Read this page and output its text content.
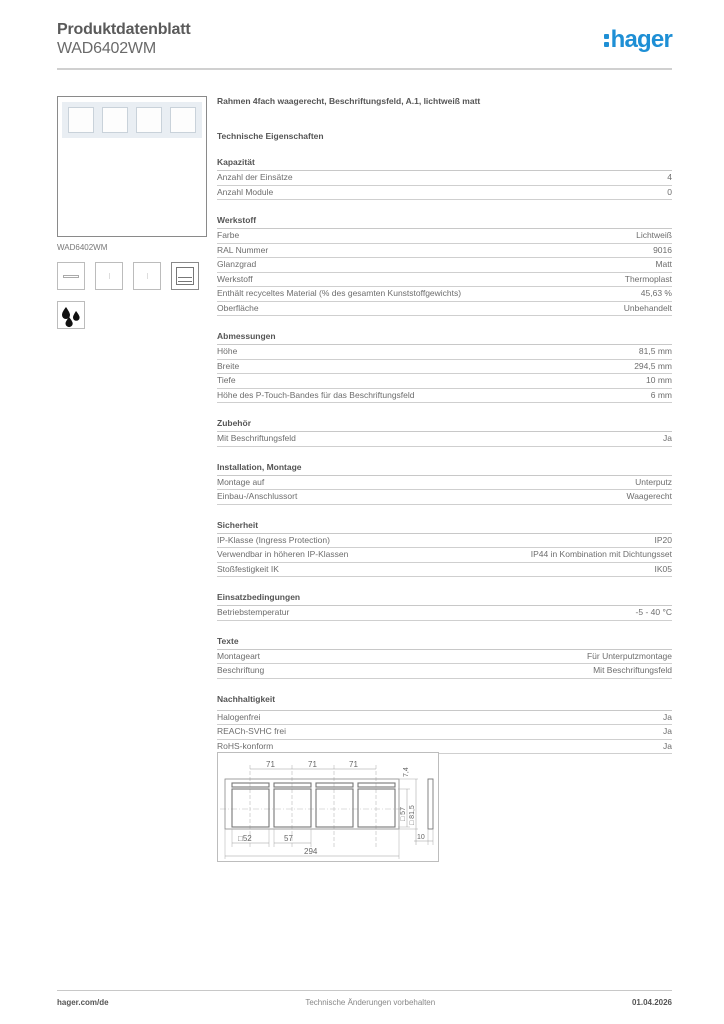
Produktdatenblatt
WAD6402WM	hager
WAD6402WM
Rahmen 4fach waagerecht, Beschriftungsfeld, A.1, lichtweiß matt
Technische Eigenschaften
Kapazität
Anzahl der Einsätze	4
Anzahl Module	0
Werkstoff
Farbe	Lichtweiß
RAL Nummer	9016
Glanzgrad	Matt
Werkstoff	Thermoplast
Enthält recyceltes Material (% des gesamten Kunststoffgewichts)	45,63 %
Oberfläche	Unbehandelt
Abmessungen
Höhe	81,5 mm
Breite	294,5 mm
Tiefe	10 mm
Höhe des P-Touch-Bandes für das Beschriftungsfeld	6 mm
Zubehör
Mit Beschriftungsfeld	Ja
Installation, Montage
Montage auf	Unterputz
Einbau-/Anschlussort	Waagerecht
Sicherheit
IP-Klasse (Ingress Protection)	IP20
Verwendbar in höheren IP-Klassen	IP44 in Kombination mit Dichtungsset
Stoßfestigkeit IK	IK05
Einsatzbedingungen
Betriebstemperatur	-5 - 40 °C
Texte
Montageart	Für Unterputzmontage
Beschriftung	Mit Beschriftungsfeld
Nachhaltigkeit
Halogenfrei	Ja
REACh-SVHC frei	Ja
RoHS-konform	Ja
71	71	71
7,4
□ 57 □ 81,5
10
□52	57
294
hager.com/de	Technische Änderungen vorbehalten	01.04.2026
